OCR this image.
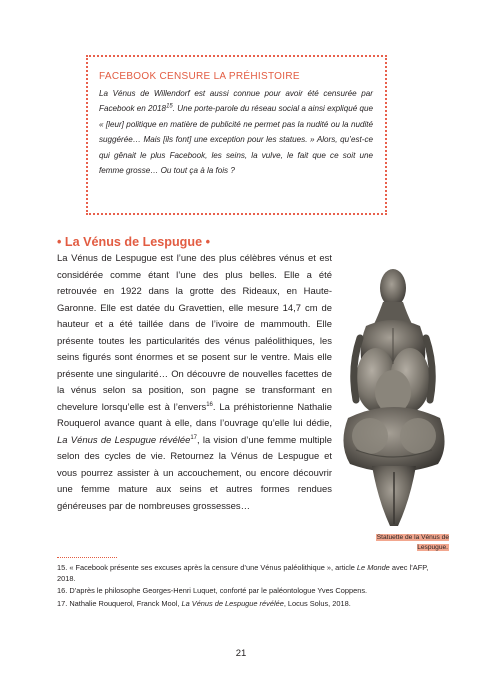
FACEBOOK CENSURE LA PRÉHISTOIRE

La Vénus de Willendorf est aussi connue pour avoir été censurée par Facebook en 2018$^{15}$. Une porte-parole du réseau social a ainsi expliqué que « [leur] politique en matière de publicité ne permet pas la nudité ou la nudité suggérée… Mais [ils font] une exception pour les statues. » Alors, qu’est-ce qui gênait le plus Facebook, les seins, la vulve, le fait que ce soit une femme grosse… Ou tout ça à la fois ?

• La Vénus de Lespugue •

La Vénus de Lespugue est l’une des plus célèbres vénus et est considérée comme étant l’une des plus belles. Elle a été retrouvée en 1922 dans la grotte des Rideaux, en Haute-Garonne. Elle est datée du Gravettien, elle mesure 14,7 cm de hauteur et a été taillée dans de l’ivoire de mammouth. Elle présente toutes les particularités des vénus paléolithiques, les seins figurés sont énormes et se posent sur le ventre. Mais elle présente une singularité… On découvre de nouvelles facettes de la vénus selon sa position, son pagne se transformant en chevelure lorsqu’elle est à l’envers$^{16}$. La préhistorienne Nathalie Rouquerol avance quant à elle, dans l’ouvrage qu’elle lui dédie, La Vénus de Lespugue révélée$^{17}$, la vision d’une femme multiple selon des cycles de vie. Retournez la Vénus de Lespugue et vous pourrez assister à un accouchement, ou encore découvrir une femme mature aux seins et autres formes rendues généreuses par de nombreuses grossesses…

Statuette de la Vénus de Lespugue.

15. « Facebook présente ses excuses après la censure d’une Vénus paléolithique », article Le Monde avec l’AFP, 2018.

16. D’après le philosophe Georges-Henri Luquet, conforté par le paléontologue Yves Coppens.

17. Nathalie Rouquerol, Franck Mool, La Vénus de Lespugue révélée, Locus Solus, 2018.

21
